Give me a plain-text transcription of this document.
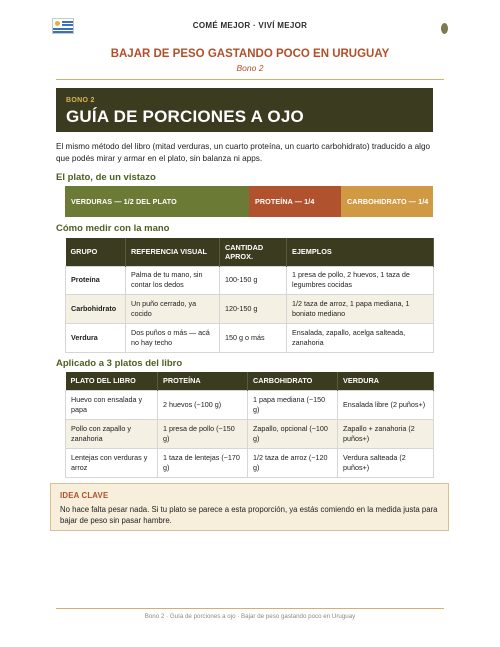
COMÉ MEJOR · VIVÍ MEJOR
BAJAR DE PESO GASTANDO POCO EN URUGUAY
Bono 2
BONO 2
GUÍA DE PORCIONES A OJO
El mismo método del libro (mitad verduras, un cuarto proteína, un cuarto carbohidrato) traducido a algo que podés mirar y armar en el plato, sin balanza ni apps.
El plato, de un vistazo
VERDURAS — 1/2 DEL PLATO	PROTEÍNA — 1/4	CARBOHIDRATO — 1/4
Cómo medir con la mano
GRUPO	REFERENCIA VISUAL	CANTIDAD APROX.	EJEMPLOS
Proteína	Palma de tu mano, sin contar los dedos	100-150 g	1 presa de pollo, 2 huevos, 1 taza de legumbres cocidas
Carbohidrato	Un puño cerrado, ya cocido	120-150 g	1/2 taza de arroz, 1 papa mediana, 1 boniato mediano
Verdura	Dos puños o más — acá no hay techo	150 g o más	Ensalada, zapallo, acelga salteada, zanahoria
Aplicado a 3 platos del libro
PLATO DEL LIBRO	PROTEÍNA	CARBOHIDRATO	VERDURA
Huevo con ensalada y papa	2 huevos (~100 g)	1 papa mediana (~150 g)	Ensalada libre (2 puños+)
Pollo con zapallo y zanahoria	1 presa de pollo (~150 g)	Zapallo, opcional (~100 g)	Zapallo + zanahoria (2 puños+)
Lentejas con verduras y arroz	1 taza de lentejas (~170 g)	1/2 taza de arroz (~120 g)	Verdura salteada (2 puños+)
IDEA CLAVE
No hace falta pesar nada. Si tu plato se parece a esta proporción, ya estás comiendo en la medida justa para bajar de peso sin pasar hambre.
Bono 2 · Guía de porciones a ojo · Bajar de peso gastando poco en Uruguay
